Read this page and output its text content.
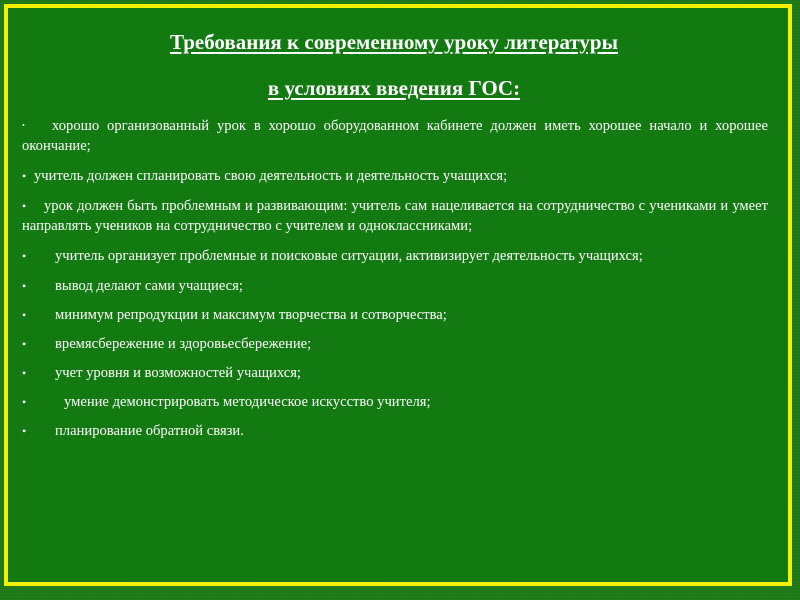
Требования к современному уроку литературы
в условиях введения ГОС:
• хорошо организованный урок в хорошо оборудованном кабинете должен иметь хорошее начало и хорошее окончание;
• учитель должен спланировать свою деятельность и деятельность учащихся;
• урок должен быть проблемным и развивающим: учитель сам нацеливается на сотрудничество с учениками и умеет направлять учеников на сотрудничество с учителем и одноклассниками;
• учитель организует проблемные и поисковые ситуации, активизирует деятельность учащихся;
• вывод делают сами учащиеся;
• минимум репродукции и максимум творчества и сотворчества;
• времясбережение и здоровьесбережение;
• учет уровня и возможностей учащихся;
•	умение демонстрировать методическое искусство учителя;
• планирование обратной связи.
